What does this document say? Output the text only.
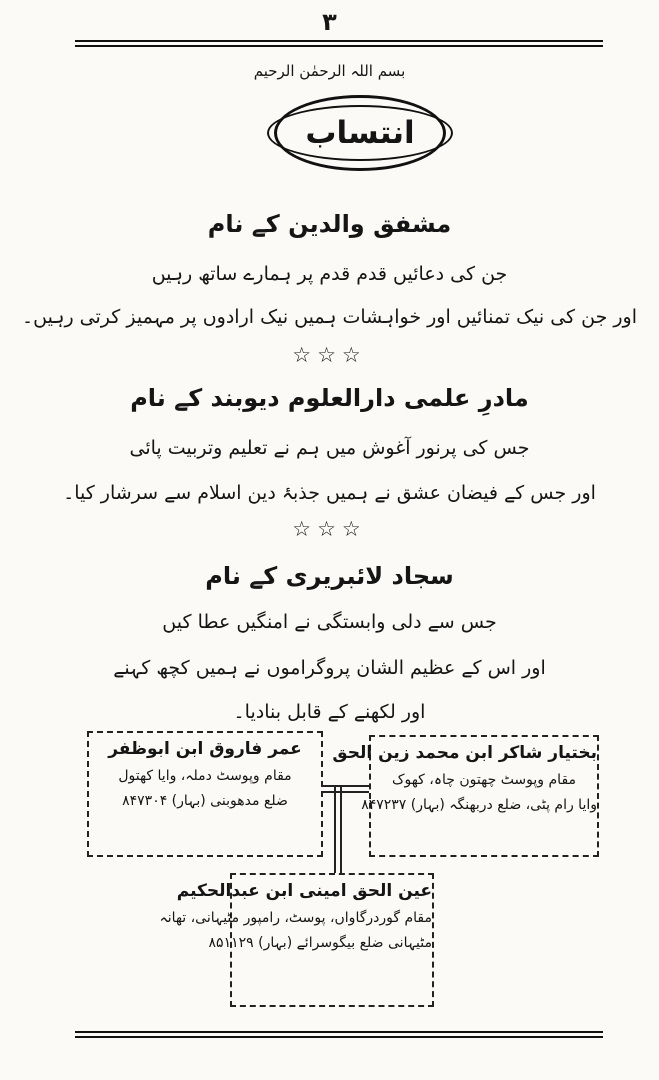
۳
بسم اللہ الرحمٰن الرحیم
انتساب
مشفق والدین کے نام
جن کی دعائیں قدم قدم پر ہمارے ساتھ رہیں
اور جن کی نیک تمنائیں اور خواہشات ہمیں نیک ارادوں پر مہمیز کرتی رہیں۔
☆☆☆
مادرِ علمی دارالعلوم دیوبند کے نام
جس کی پرنور آغوش میں ہم نے تعلیم وتربیت پائی
اور جس کے فیضان عشق نے ہمیں جذبۂ دین اسلام سے سرشار کیا۔
☆☆☆
سجاد لائبریری کے نام
جس سے دلی وابستگی نے امنگیں عطا کیں
اور اس کے عظیم الشان پروگراموں نے ہمیں کچھ کہنے
اور لکھنے کے قابل بنادیا۔
عمر فاروق ابن ابوظفر
مقام وپوسٹ دملہ، وایا کھتول
ضلع مدھوبنی (بہار) ۸۴۷۳۰۴
بختیار شاکر ابن محمد زین الحق
مقام وپوسٹ چھتون چاہ، کھوک
وایا رام پٹی، ضلع دربھنگہ (بہار) ۸۴۷۲۳۷
عین الحق امینی ابن عبدالحکیم
مقام گوردرگاواں، پوسٹ، رامپور مٹیہانی، تھانہ
مٹیہانی ضلع بیگوسرائے (بہار) ۸۵۱۱۲۹
